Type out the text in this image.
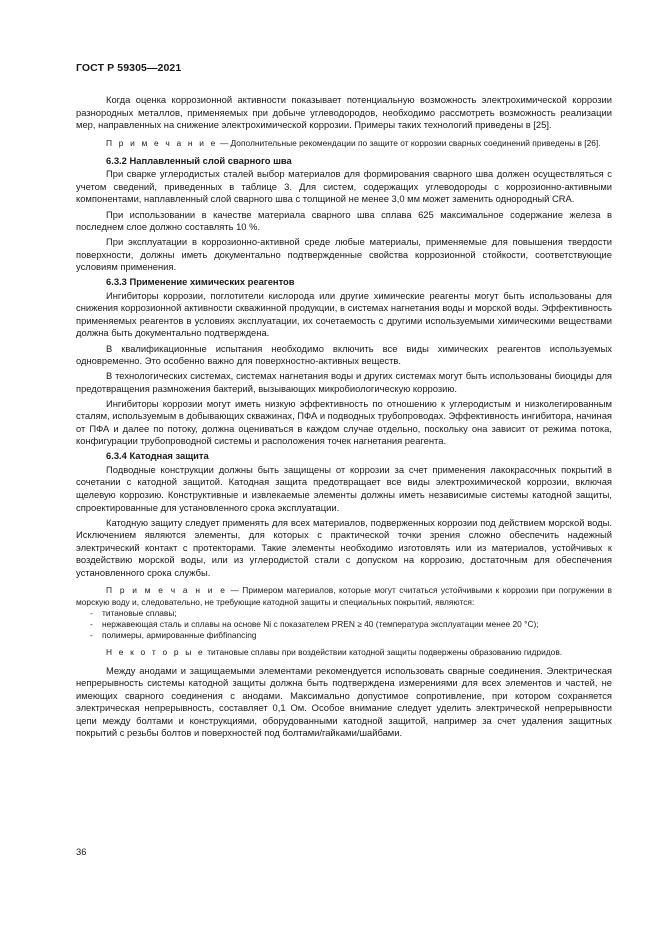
ГОСТ Р 59305—2021

Когда оценка коррозионной активности показывает потенциальную возможность электрохимической коррозии разнородных металлов, применяемых при добыче углеводородов, необходимо рассмотреть возможность реализации мер, направленных на снижение электрохимической коррозии. Примеры таких технологий приведены в [25].

П р и м е ч а н и е — Дополнительные рекомендации по защите от коррозии сварных соединений приведены в [26].

6.3.2 Наплавленный слой сварного шва

При сварке углеродистых сталей выбор материалов для формирования сварного шва должен осуществляться с учетом сведений, приведенных в таблице 3. Для систем, содержащих углеводороды с коррозионно-активными компонентами, наплавленный слой сварного шва с толщиной не менее 3,0 мм может заменить однородный CRA.

При использовании в качестве материала сварного шва сплава 625 максимальное содержание железа в последнем слое должно составлять 10 %.

При эксплуатации в коррозионно-активной среде любые материалы, применяемые для повышения твердости поверхности, должны иметь документально подтвержденные свойства коррозионной стойкости, соответствующие условиям применения.

6.3.3 Применение химических реагентов

Ингибиторы коррозии, поглотители кислорода или другие химические реагенты могут быть использованы для снижения коррозионной активности скважинной продукции, в системах нагнетания воды и морской воды. Эффективность применяемых реагентов в условиях эксплуатации, их сочетаемость с другими используемыми химическими веществами должна быть документально подтверждена.

В квалификационные испытания необходимо включить все виды химических реагентов используемых одновременно. Это особенно важно для поверхностно-активных веществ.

В технологических системах, системах нагнетания воды и других системах могут быть использованы биоциды для предотвращения размножения бактерий, вызывающих микробиологическую коррозию.

Ингибиторы коррозии могут иметь низкую эффективность по отношению к углеродистым и низколегированным сталям, используемым в добывающих скважинах, ПФА и подводных трубопроводах. Эффективность ингибитора, начиная от ПФА и далее по потоку, должна оцениваться в каждом случае отдельно, поскольку она зависит от режима потока, конфигурации трубопроводной системы и расположения точек нагнетания реагента.

6.3.4 Катодная защита

Подводные конструкции должны быть защищены от коррозии за счет применения лакокрасочных покрытий в сочетании с катодной защитой. Катодная защита предотвращает все виды электрохимической коррозии, включая щелевую коррозию. Конструктивные и извлекаемые элементы должны иметь независимые системы катодной защиты, спроектированные для установленного срока эксплуатации.

Катодную защиту следует применять для всех материалов, подверженных коррозии под действием морской воды. Исключением являются элементы, для которых с практической точки зрения сложно обеспечить надежный электрический контакт с протекторами. Такие элементы необходимо изготовлять или из материалов, устойчивых к воздействию морской воды, или из углеродистой стали с допуском на коррозию, достаточным для обеспечения установленного срока службы.

П р и м е ч а н и е — Примером материалов, которые могут считаться устойчивыми к коррозии при погружении в морскую воду и, следовательно, не требующие катодной защиты и специальных покрытий, являются:

- титановые сплавы;
- нержавеющая сталь и сплавы на основе Ni с показателем PREN ≥ 40 (температура эксплуатации менее 20 °C);
- полимеры, армированные фибfinancing

Н е к о т о р ы е титановые сплавы при воздействии катодной защиты подвержены образованию гидридов.

Между анодами и защищаемыми элементами рекомендуется использовать сварные соединения. Электрическая непрерывность системы катодной защиты должна быть подтверждена измерениями для всех элементов и частей, не имеющих сварного соединения с анодами. Максимально допустимое сопротивление, при котором сохраняется электрическая непрерывность, составляет 0,1 Ом. Особое внимание следует уделить электрической непрерывности цепи между болтами и конструкциями, оборудованными катодной защитой, например за счет удаления защитных покрытий с резьбы болтов и поверхностей под болтами/гайками/шайбами.

36
